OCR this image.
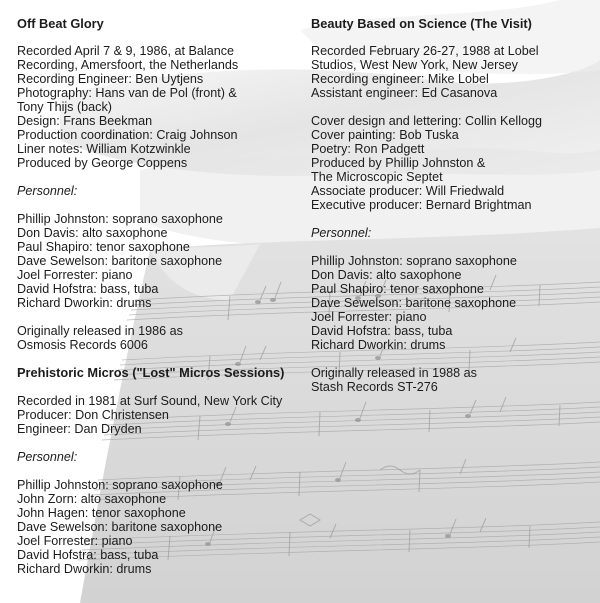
Off Beat Glory
Recorded April 7 & 9, 1986, at Balance
Recording, Amersfoort, the Netherlands
Recording Engineer: Ben Uytjens
Photography: Hans van de Pol (front) &
Tony Thijs (back)
Design: Frans Beekman
Production coordination: Craig Johnson
Liner notes: William Kotzwinkle
Produced by George Coppens
Personnel:
Phillip Johnston: soprano saxophone
Don Davis: alto saxophone
Paul Shapiro: tenor saxophone
Dave Sewelson: baritone saxophone
Joel Forrester: piano
David Hofstra: bass, tuba
Richard Dworkin: drums
Originally released in 1986 as
Osmosis Records 6006
Prehistoric Micros ("Lost" Micros Sessions)
Recorded in 1981 at Surf Sound, New York City
Producer: Don Christensen
Engineer: Dan Dryden
Personnel:
Phillip Johnston: soprano saxophone
John Zorn: alto saxophone
John Hagen: tenor saxophone
Dave Sewelson: baritone saxophone
Joel Forrester: piano
David Hofstra: bass, tuba
Richard Dworkin: drums
Beauty Based on Science (The Visit)
Recorded February 26-27, 1988 at Lobel
Studios, West New York, New Jersey
Recording engineer: Mike Lobel
Assistant engineer: Ed Casanova
Cover design and lettering: Collin Kellogg
Cover painting: Bob Tuska
Poetry: Ron Padgett
Produced by Phillip Johnston &
The Microscopic Septet
Associate producer: Will Friedwald
Executive producer: Bernard Brightman
Personnel:
Phillip Johnston: soprano saxophone
Don Davis: alto saxophone
Paul Shapiro: tenor saxophone
Dave Sewelson: baritone saxophone
Joel Forrester: piano
David Hofstra: bass, tuba
Richard Dworkin: drums
Originally released in 1988 as
Stash Records ST-276
